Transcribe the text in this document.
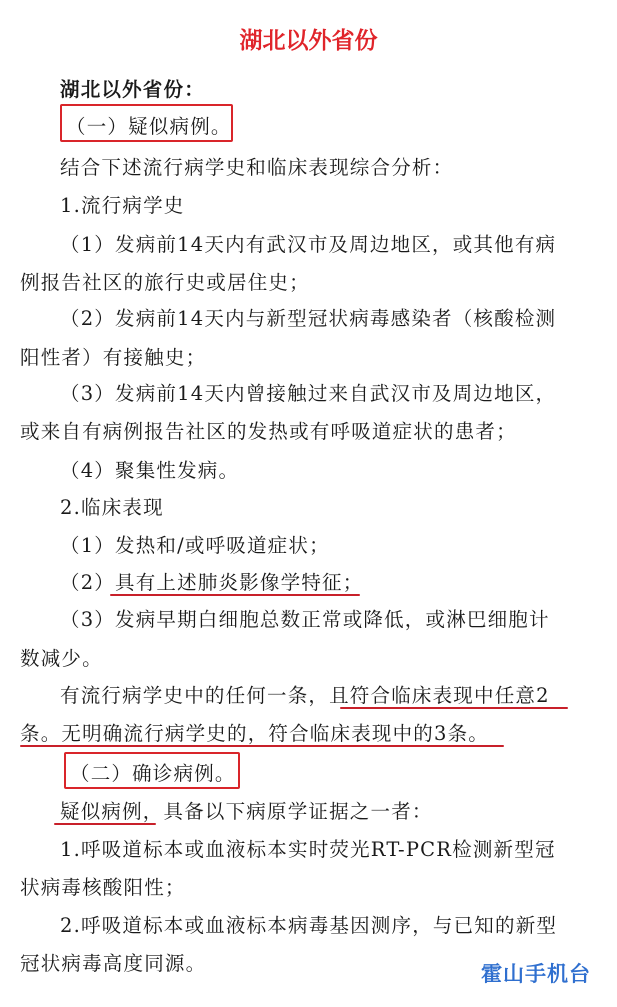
湖北以外省份
湖北以外省份：
（一）疑似病例。
结合下述流行病学史和临床表现综合分析：
1.流行病学史
（1）发病前14天内有武汉市及周边地区，或其他有病
例报告社区的旅行史或居住史；
（2）发病前14天内与新型冠状病毒感染者（核酸检测
阳性者）有接触史；
（3）发病前14天内曾接触过来自武汉市及周边地区，
或来自有病例报告社区的发热或有呼吸道症状的患者；
（4）聚集性发病。
2.临床表现
（1）发热和/或呼吸道症状；
（2）具有上述肺炎影像学特征；
（3）发病早期白细胞总数正常或降低，或淋巴细胞计
数减少。
有流行病学史中的任何一条，且符合临床表现中任意2
条。无明确流行病学史的，符合临床表现中的3条。
（二）确诊病例。
疑似病例，具备以下病原学证据之一者：
1.呼吸道标本或血液标本实时荧光RT-PCR检测新型冠
状病毒核酸阳性；
2.呼吸道标本或血液标本病毒基因测序，与已知的新型
冠状病毒高度同源。	霍山手机台
